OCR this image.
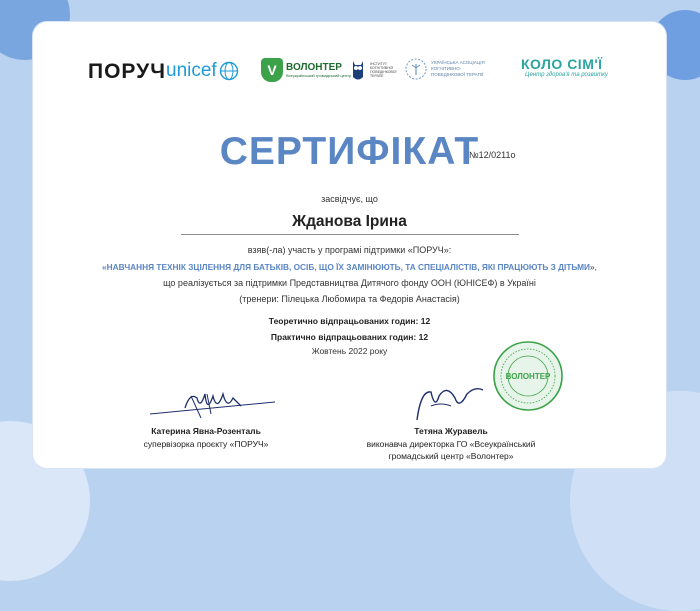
ПОРУЧ unicef	V ВОЛОНТЕР
Всеукраїнський громадський центр
ІНСТИТУТ КОГНІТИВНОЇ ПОВЕДІНКОВОЇ ТЕРАПІЇ
УКРАЇНСЬКА АСОЦІАЦІЯ КОГНІТИВНО-ПОВЕДІНКОВОЇ ТЕРАПІЇ
КОЛО СІМ'Ї
Центр здоров'я та розвитку
СЕРТИФІКАТ
№12/0211о
засвідчує, що
Жданова Ірина
взяв(-ла) участь у програмі підтримки «ПОРУЧ»:
«НАВЧАННЯ ТЕХНІК ЗЦІЛЕННЯ ДЛЯ БАТЬКІВ, ОСІБ, ЩО ЇХ ЗАМІНЮЮТЬ, ТА СПЕЦІАЛІСТІВ, ЯКІ ПРАЦЮЮТЬ З ДІТЬМИ»,
що реалізується за підтримки Представництва Дитячого фонду ООН (ЮНІСЕФ) в Україні
(тренери: Пілецька Любомира та Федорів Анастасія)
Теоретично відпрацьованих годин: 12
Практично відпрацьованих годин: 12
Жовтень 2022 року
ВОЛОНТЕР
Катерина Явна-Розенталь
супервізорка проєкту «ПОРУЧ»
Тетяна Журавель
виконавча директорка ГО «Всеукраїнський громадський центр «Волонтер»
